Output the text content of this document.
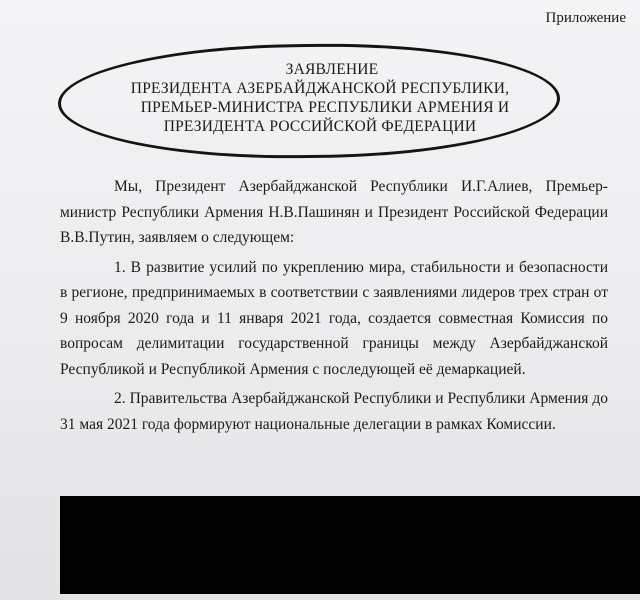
Приложение
ЗАЯВЛЕНИЕ
ПРЕЗИДЕНТА АЗЕРБАЙДЖАНСКОЙ РЕСПУБЛИКИ,
ПРЕМЬЕР-МИНИСТРА РЕСПУБЛИКИ АРМЕНИЯ И
ПРЕЗИДЕНТА РОССИЙСКОЙ ФЕДЕРАЦИИ

Мы, Президент Азербайджанской Республики И.Г.Алиев, Премьер-министр Республики Армения Н.В.Пашинян и Президент Российской Федерации В.В.Путин, заявляем о следующем:

1. В развитие усилий по укреплению мира, стабильности и безопасности в регионе, предпринимаемых в соответствии с заявлениями лидеров трех стран от 9 ноября 2020 года и 11 января 2021 года, создается совместная Комиссия по вопросам делимитации государственной границы между Азербайджанской Республикой и Республикой Армения с последующей её демаркацией.

2. Правительства Азербайджанской Республики и Республики Армения до 31 мая 2021 года формируют национальные делегации в рамках Комиссии.
